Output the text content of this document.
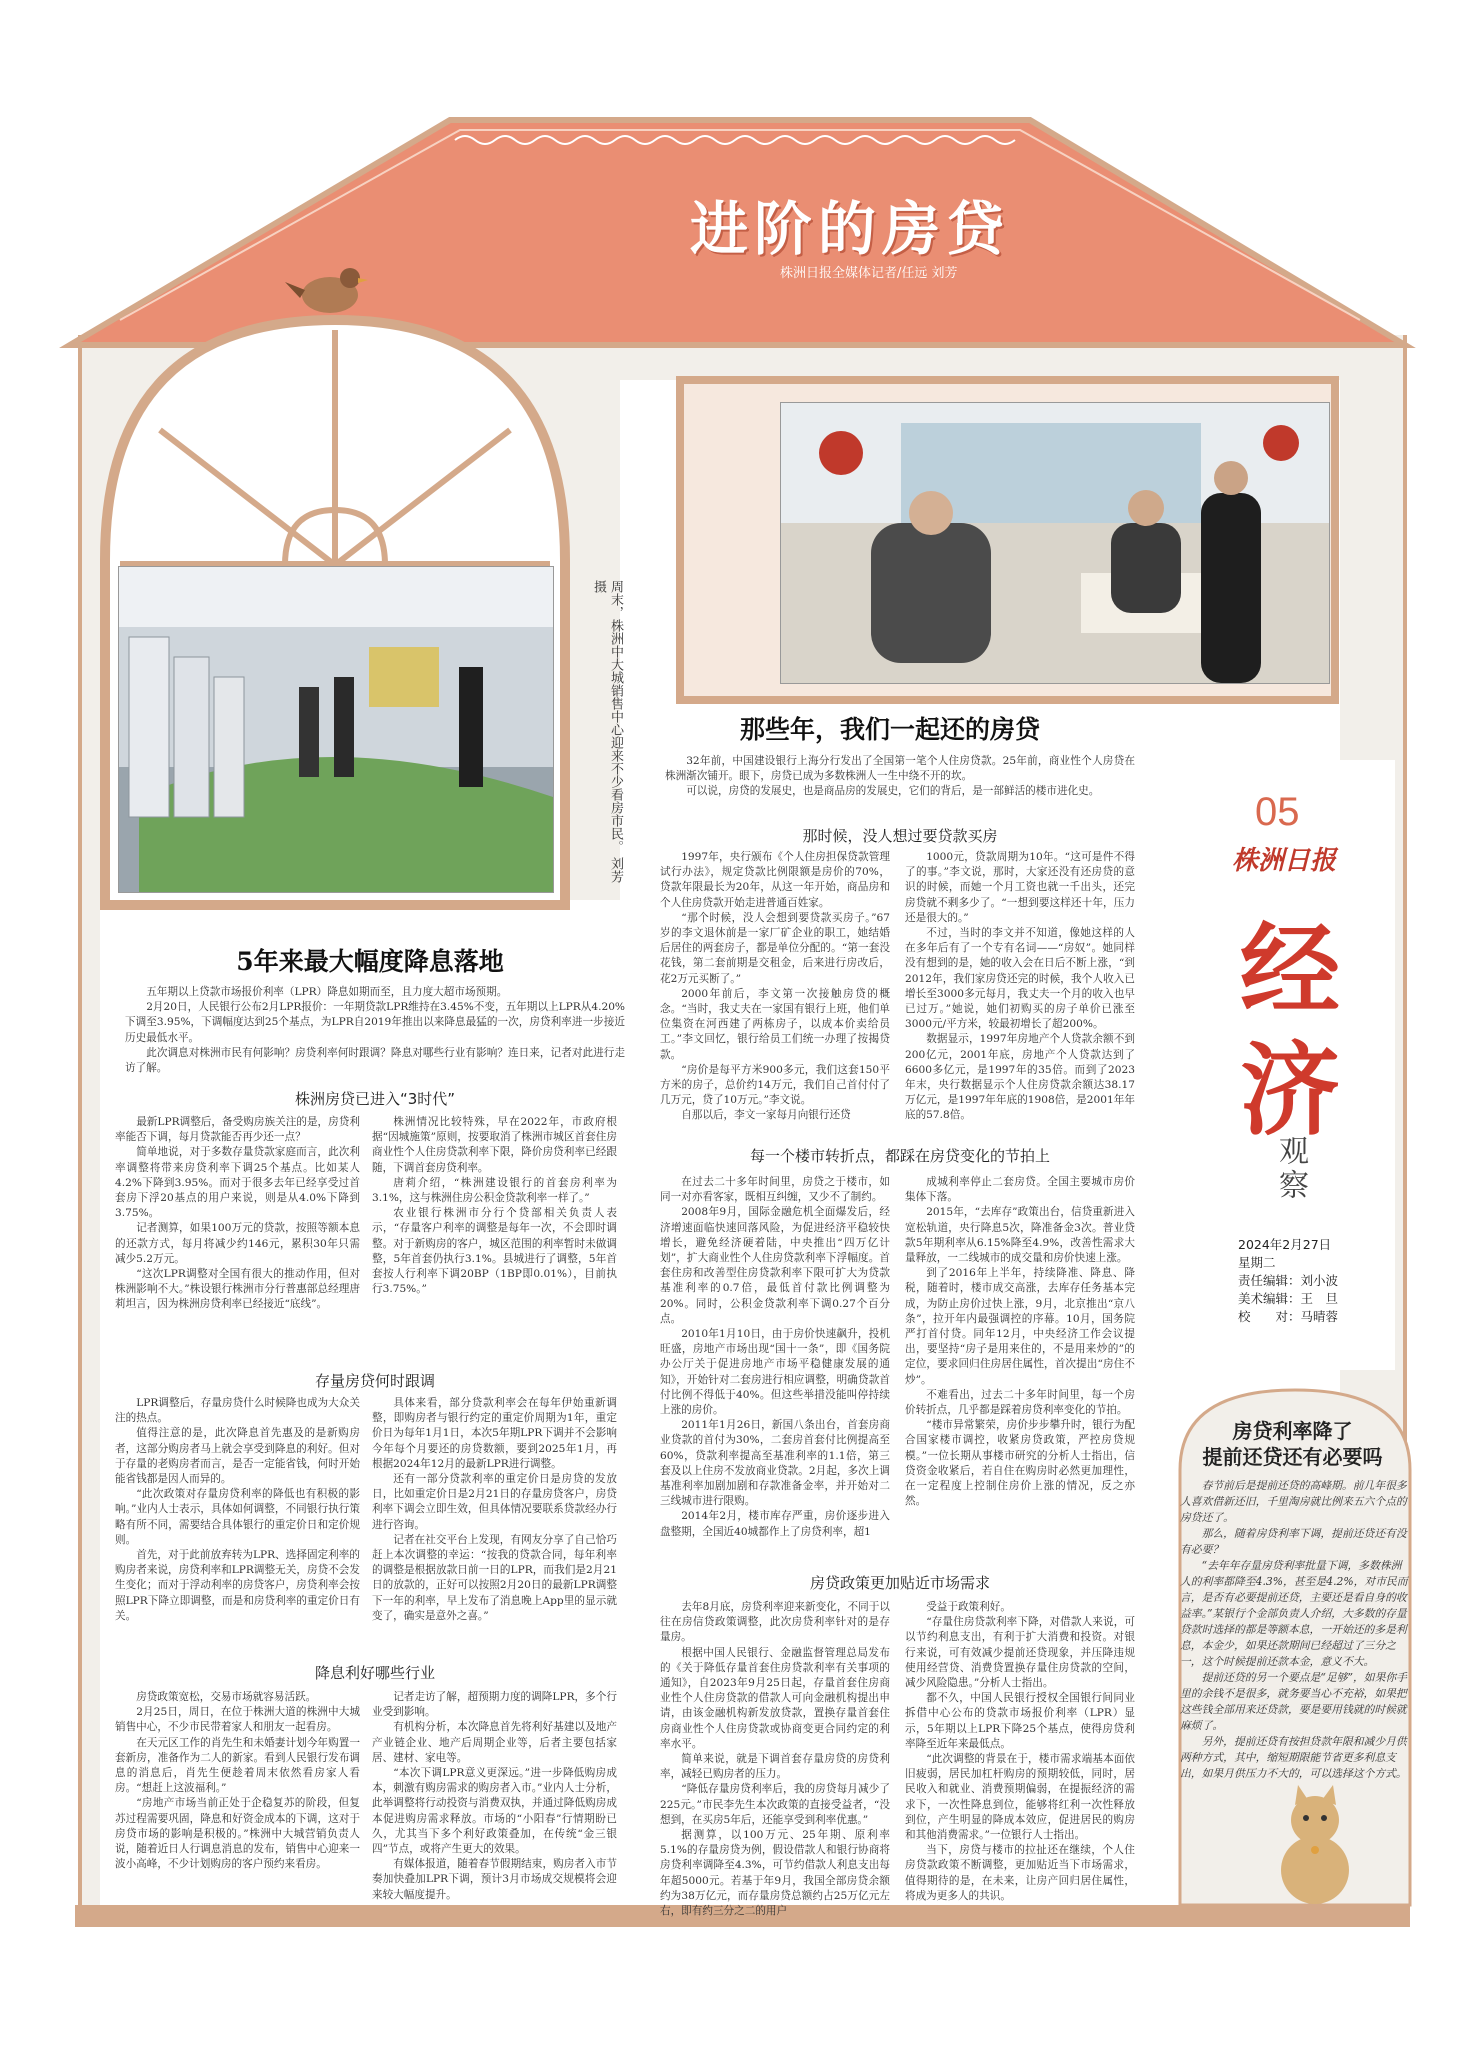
进阶的房贷
株洲日报全媒体记者/任远 刘芳
周末，株洲中大城销售中心迎来不少看房市民。 刘芳 摄
那些年，我们一起还的房贷

32年前，中国建设银行上海分行发出了全国第一笔个人住房贷款。25年前，商业性个人房贷在株洲渐次铺开。眼下，房贷已成为多数株洲人一生中绕不开的坎。

可以说，房贷的发展史，也是商品房的发展史，它们的背后，是一部鲜活的楼市进化史。

那时候，没人想过要贷款买房

1997年，央行颁布《个人住房担保贷款管理试行办法》，规定贷款比例限额是房价的70%，贷款年限最长为20年，从这一年开始，商品房和个人住房贷款开始走进普通百姓家。

“那个时候，没人会想到要贷款买房子。”67岁的李文退休前是一家厂矿企业的职工，她结婚后居住的两套房子，都是单位分配的。“第一套没花钱，第二套前期是交租金，后来进行房改后，花2万元买断了。”

2000年前后，李文第一次接触房贷的概念。“当时，我丈夫在一家国有银行上班，他们单位集资在河西建了两栋房子，以成本价卖给员工。”李文回忆，银行给员工们统一办理了按揭贷款。

“房价是每平方米900多元，我们这套150平方米的房子，总价约14万元，我们自己首付付了几万元，贷了10万元。”李文说。

自那以后，李文一家每月向银行还贷

1000元，贷款周期为10年。“这可是件不得了的事。”李文说，那时，大家还没有还房贷的意识的时候，而她一个月工资也就一千出头，还完房贷就不剩多少了。“一想到要这样还十年，压力还是很大的。”

不过，当时的李文并不知道，像她这样的人在多年后有了一个专有名词——“房奴”。她同样没有想到的是，她的收入会在日后不断上涨，“到2012年，我们家房贷还完的时候，我个人收入已增长至3000多元每月，我丈夫一个月的收入也早已过万。”她说，她们初购买的房子单价已涨至3000元/平方米，较最初增长了超200%。

数据显示，1997年房地产个人贷款余额不到200亿元，2001年底，房地产个人贷款达到了6600多亿元，是1997年的35倍。而到了2023年末，央行数据显示个人住房贷款余额达38.17万亿元，是1997年年底的1908倍，是2001年年底的57.8倍。

每一个楼市转折点，都踩在房贷变化的节拍上

在过去二十多年时间里，房贷之于楼市，如同一对亦看客家，既相互纠缠，又少不了制约。

2008年9月，国际金融危机全面爆发后，经济增速面临快速回落风险，为促进经济平稳较快增长，避免经济硬着陆，中央推出“四万亿计划”，扩大商业性个人住房贷款利率下浮幅度。首套住房和改善型住房贷款利率下限可扩大为贷款基准利率的0.7倍，最低首付款比例调整为20%。同时，公积金贷款利率下调0.27个百分点。

2010年1月10日，由于房价快速飙升，投机旺盛，房地产市场出现“国十一条”，即《国务院办公厅关于促进房地产市场平稳健康发展的通知》，开始针对二套房进行相应调整，明确贷款首付比例不得低于40%。但这些举措没能叫停持续上涨的房价。

2011年1月26日，新国八条出台，首套房商业贷款的首付为30%，二套房首套付比例提高至60%，贷款利率提高至基准利率的1.1倍，第三套及以上住房不发放商业贷款。2月起，多次上调基准利率加剧加剧和存款准备金率，并开始对二三线城市进行限购。

2014年2月，楼市库存严重，房价逐步进入盘整期，全国近40城都作上了房贷利率，超1

成城利率停止二套房贷。全国主要城市房价集体下落。

2015年，“去库存”政策出台，信贷重新进入宽松轨道，央行降息5次，降准备金3次。普业贷款5年期利率从6.15%降至4.9%，改善性需求大量释放，一二线城市的成交量和房价快速上涨。

到了2016年上半年，持续降准、降息、降税，随着时，楼市成交高涨，去库存任务基本完成，为防止房价过快上涨，9月，北京推出“京八条”，拉开年内最强调控的序幕。10月，国务院严打首付贷。同年12月，中央经济工作会议提出，要坚持“房子是用来住的，不是用来炒的”的定位，要求回归住房居住属性，首次提出“房住不炒”。

不难看出，过去二十多年时间里，每一个房价转折点，几乎都是踩着房贷利率变化的节拍。

“楼市异常繁荣，房价步步攀升时，银行为配合国家楼市调控，收紧房贷政策，严控房贷规模。”一位长期从事楼市研究的分析人士指出，信贷资金收紧后，若自住在购房时必然更加理性，在一定程度上控制住房价上涨的情况，反之亦然。

房贷政策更加贴近市场需求

去年8月底，房贷利率迎来新变化，不同于以往在房信贷政策调整，此次房贷利率针对的是存量房。

根据中国人民银行、金融监督管理总局发布的《关于降低存量首套住房贷款利率有关事项的通知》，自2023年9月25日起，存量首套住房商业性个人住房贷款的借款人可向金融机构提出申请，由该金融机构新发放贷款，置换存量首套住房商业性个人住房贷款或协商变更合同约定的利率水平。

简单来说，就是下调首套存量房贷的房贷利率，减轻已购房者的压力。

“降低存量房贷利率后，我的房贷每月减少了225元。”市民李先生本次政策的直接受益者，“没想到，在买房5年后，还能享受到利率优惠。”

据测算，以100万元、25年期、原利率5.1%的存量房贷为例，假设借款人和银行协商将房贷利率调降至4.3%，可节约借款人利息支出每年超5000元。若基于年9月，我国全部房贷余额约为38万亿元，而存量房贷总额约占25万亿元左右，即有约三分之二的用户

受益于政策利好。

“存量住房贷款利率下降，对借款人来说，可以节约利息支出，有利于扩大消费和投资。对银行来说，可有效减少提前还贷现象，并压降违规使用经营贷、消费贷置换存量住房贷款的空间，减少风险隐患。”分析人士指出。

都不久，中国人民银行授权全国银行间同业拆借中心公布的贷款市场报价利率（LPR）显示，5年期以上LPR下降25个基点，使得房贷利率降至近年来最低点。

“此次调整的背景在于，楼市需求端基本面依旧疲弱，居民加杠杆购房的预期较低，同时，居民收入和就业、消费预期偏弱，在提振经济的需求下，一次性降息到位，能够将红利一次性释放到位，产生明显的降成本效应，促进居民的购房和其他消费需求。”一位银行人士指出。

当下，房贷与楼市的拉扯还在继续，个人住房贷款政策不断调整，更加贴近当下市场需求，值得期待的是，在未来，让房产回归居住属性，将成为更多人的共识。

5年来最大幅度降息落地

五年期以上贷款市场报价利率（LPR）降息如期而至，且力度大超市场预期。

2月20日，人民银行公布2月LPR报价：一年期贷款LPR维持在3.45%不变，五年期以上LPR从4.20%下调至3.95%，下调幅度达到25个基点，为LPR自2019年推出以来降息最猛的一次，房贷利率进一步接近历史最低水平。

此次调息对株洲市民有何影响？房贷利率何时跟调？降息对哪些行业有影响？连日来，记者对此进行走访了解。

株洲房贷已进入“3时代”

最新LPR调整后，备受购房族关注的是，房贷利率能否下调，每月贷款能否再少还一点？

简单地说，对于多数存量贷款家庭而言，此次利率调整将带来房贷利率下调25个基点。比如某人4.2%下降到3.95%。而对于很多去年已经享受过首套房下浮20基点的用户来说，则是从4.0%下降到3.75%。

记者测算，如果100万元的贷款，按照等额本息的还款方式，每月将减少约146元，累积30年只需减少5.2万元。

“这次LPR调整对全国有很大的推动作用，但对株洲影响不大。”株设银行株洲市分行普惠部总经理唐莉坦言，因为株洲房贷利率已经接近“底线”。

株洲情况比较特殊，早在2022年，市政府根据“因城施策”原则，按要取消了株洲市城区首套住房商业性个人住房贷款利率下限，降价房贷利率已经跟随，下调首套房贷利率。

唐莉介绍，“株洲建设银行的首套房利率为3.1%，这与株洲住房公积金贷款利率一样了。”

农业银行株洲市分行个贷部相关负责人表示，“存量客户利率的调整是每年一次，不会即时调整。对于新购房的客户，城区范围的利率暂时未做调整，5年首套仍执行3.1%。县城进行了调整，5年首套按人行利率下调20BP（1BP即0.01%），目前执行3.75%。”

存量房贷何时跟调

LPR调整后，存量房贷什么时候降也成为大众关注的热点。

值得注意的是，此次降息首先惠及的是新购房者，这部分购房者马上就会享受到降息的利好。但对于存量的老购房者而言，是否一定能省钱，何时开始能省钱都是因人而异的。

“此次政策对存量房贷利率的降低也有积极的影响。”业内人士表示，具体如何调整，不同银行执行策略有所不同，需要结合具体银行的重定价日和定价规则。

首先，对于此前放弃转为LPR、选择固定利率的购房者来说，房贷利率和LPR调整无关，房贷不会发生变化；而对于浮动利率的房贷客户，房贷利率会按照LPR下降立即调整，而是和房贷利率的重定价日有关。

具体来看，部分贷款利率会在每年伊始重新调整，即购房者与银行约定的重定价周期为1年，重定价日为每年1月1日，本次5年期LPR下调并不会影响今年每个月要还的房贷数额，要到2025年1月，再根据2024年12月的最新LPR进行调整。

还有一部分贷款利率的重定价日是房贷的发放日，比如重定价日是2月21日的存量房贷客户，房贷利率下调会立即生效，但具体情况要联系贷款经办行进行咨询。

记者在社交平台上发现，有网友分享了自己恰巧赶上本次调整的幸运：“按我的贷款合同，每年利率的调整是根据放款日前一日的LPR，而我们是2月21日的放款的，正好可以按照2月20日的最新LPR调整下一年的利率，早上发布了消息晚上App里的显示就变了，确实是意外之喜。”

降息利好哪些行业

房贷政策宽松，交易市场就容易活跃。

2月25日，周日，在位于株洲大道的株洲中大城销售中心，不少市民带着家人和朋友一起看房。

在天元区工作的肖先生和未婚妻计划今年购置一套新房，准备作为二人的新家。看到人民银行发布调息的消息后，肖先生便趁着周末依然看房家人看房。“想赶上这波福利。”

“房地产市场当前正处于企稳复苏的阶段，但复苏过程需要巩固，降息和好资金成本的下调，这对于房贷市场的影响是积极的。”株洲中大城营销负责人说，随着近日人行调息消息的发布，销售中心迎来一波小高峰，不少计划购房的客户预约来看房。

记者走访了解，超预期力度的调降LPR，多个行业受到影响。

有机构分析，本次降息首先将利好基建以及地产产业链企业、地产后周期企业等，后者主要包括家居、建材、家电等。

“本次下调LPR意义更深远。”进一步降低购房成本，刺激有购房需求的购房者入市。”业内人士分析，此举调整将行动投资与消费双执，并通过降低购房成本促进购房需求释放。市场的“小阳春”行情期盼已久，尤其当下多个利好政策叠加，在传统“金三银四”节点，或将产生更大的效果。

有媒体报道，随着春节假期结束，购房者入市节奏加快叠加LPR下调，预计3月市场成交规模将会迎来较大幅度提升。

05
株洲日报
经
济
观察
2024年2月27日
星期二
责任编辑：刘小波
美术编辑：王　旦
校　　对：马晴蓉
房贷利率降了
提前还贷还有必要吗

春节前后是提前还贷的高峰期。前几年很多人喜欢借新还旧，千里淘房就比例来五六个点的房贷还了。

那么，随着房贷利率下调，提前还贷还有没有必要？

“去年年存量房贷利率批量下调，多数株洲人的利率都降至4.3%，甚至是4.2%，对市民而言，是否有必要提前还贷，主要还是看自身的收益率。”某银行个金部负责人介绍，大多数的存量贷款时选择的都是等额本息，一开始还的多是利息，本金少，如果还款期间已经超过了三分之一，这个时候提前还款本金，意义不大。

提前还贷的另一个要点是“足够”，如果你手里的余钱不是很多，就务要当心不充裕，如果把这些钱全部用来还贷款，要是要用钱就的时候就麻烦了。

另外，提前还贷有按担贷款年限和减少月供两种方式，其中，缩短期限能节省更多利息支出，如果月供压力不大的，可以选择这个方式。
